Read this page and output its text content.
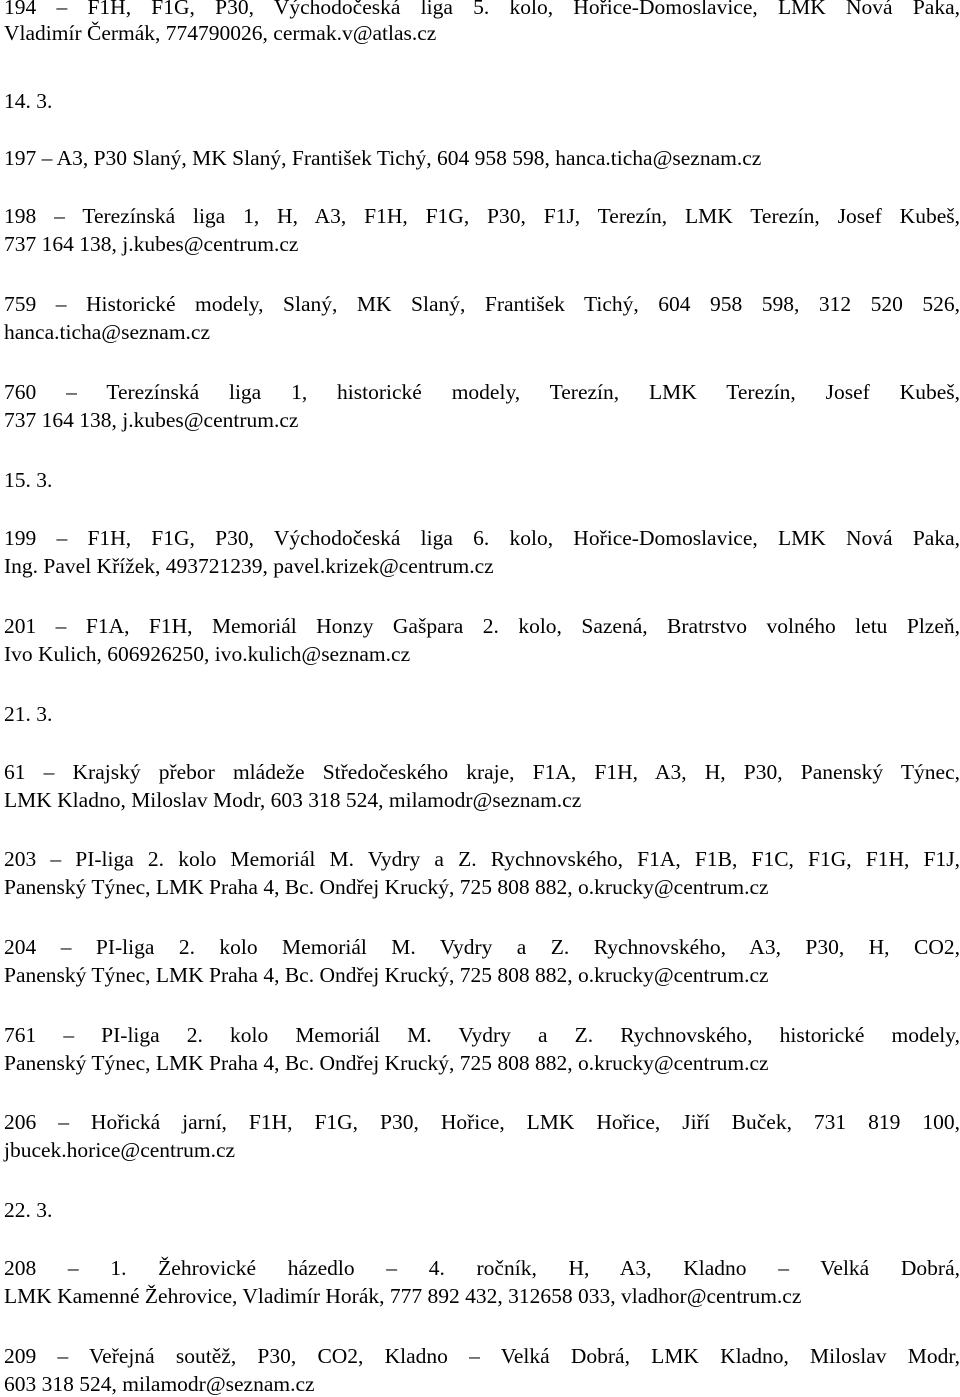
194 – F1H, F1G, P30, Východočeská liga 5. kolo, Hořice-Domoslavice, LMK Nová Paka,
Vladimír Čermák, 774790026, cermak.v@atlas.cz
14. 3.
197 – A3, P30 Slaný, MK Slaný, František Tichý, 604 958 598, hanca.ticha@seznam.cz
198 – Terezínská liga 1, H, A3, F1H, F1G, P30, F1J, Terezín, LMK Terezín, Josef Kubeš,
737 164 138, j.kubes@centrum.cz
759 – Historické modely, Slaný, MK Slaný, František Tichý, 604 958 598, 312 520 526,
hanca.ticha@seznam.cz
760 – Terezínská liga 1, historické modely, Terezín, LMK Terezín, Josef Kubeš,
737 164 138, j.kubes@centrum.cz
15. 3.
199 – F1H, F1G, P30, Východočeská liga 6. kolo, Hořice-Domoslavice, LMK Nová Paka,
Ing. Pavel Křížek, 493721239, pavel.krizek@centrum.cz
201 – F1A, F1H, Memoriál Honzy Gašpara 2. kolo, Sazená, Bratrstvo volného letu Plzeň,
Ivo Kulich, 606926250, ivo.kulich@seznam.cz
21. 3.
61 – Krajský přebor mládeže Středočeského kraje, F1A, F1H, A3, H, P30, Panenský Týnec,
LMK Kladno, Miloslav Modr, 603 318 524, milamodr@seznam.cz
203 – PI-liga 2. kolo Memoriál M. Vydry a Z. Rychnovského, F1A, F1B, F1C, F1G, F1H, F1J,
Panenský Týnec, LMK Praha 4, Bc. Ondřej Krucký, 725 808 882, o.krucky@centrum.cz
204 – PI-liga 2. kolo Memoriál M. Vydry a Z. Rychnovského, A3, P30, H, CO2,
Panenský Týnec, LMK Praha 4, Bc. Ondřej Krucký, 725 808 882, o.krucky@centrum.cz
761 – PI-liga 2. kolo Memoriál M. Vydry a Z. Rychnovského, historické modely,
Panenský Týnec, LMK Praha 4, Bc. Ondřej Krucký, 725 808 882, o.krucky@centrum.cz
206 – Hořická jarní, F1H, F1G, P30, Hořice, LMK Hořice, Jiří Buček, 731 819 100,
jbucek.horice@centrum.cz
22. 3.
208 – 1. Žehrovické házedlo – 4. ročník, H, A3, Kladno – Velká Dobrá,
LMK Kamenné Žehrovice, Vladimír Horák, 777 892 432, 312658 033, vladhor@centrum.cz
209 – Veřejná soutěž, P30, CO2, Kladno – Velká Dobrá, LMK Kladno, Miloslav Modr,
603 318 524, milamodr@seznam.cz
